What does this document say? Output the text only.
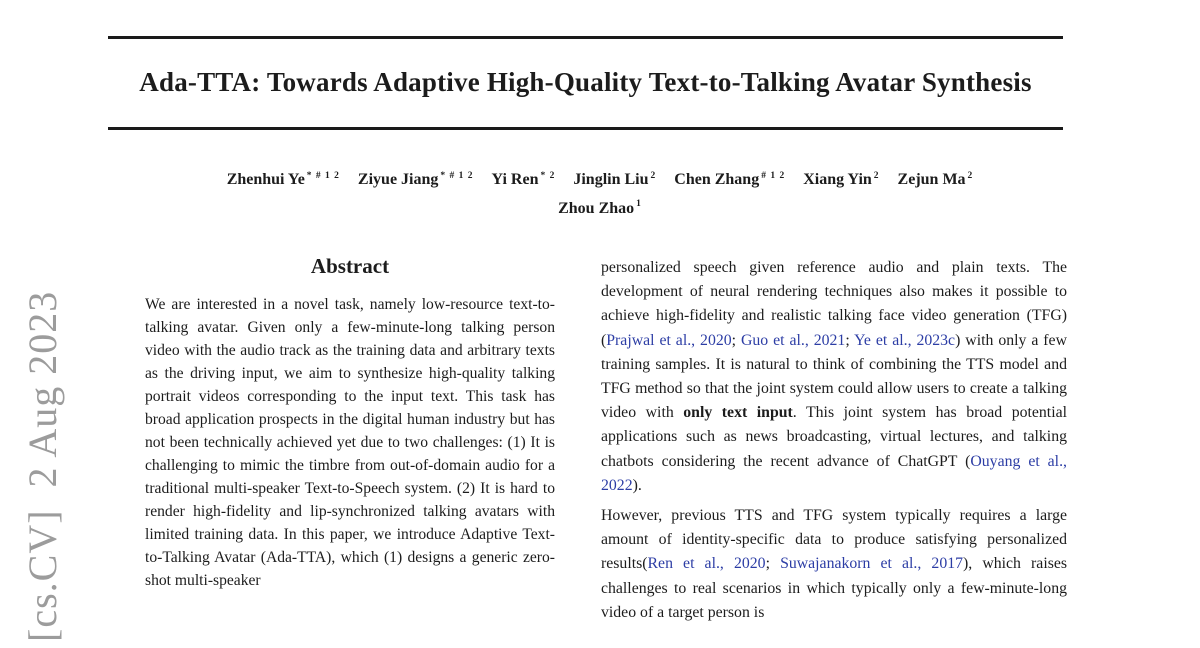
[cs.CV]  2 Aug 2023
Ada-TTA: Towards Adaptive High-Quality Text-to-Talking Avatar Synthesis
Zhenhui Ye $^{* \# 1 2}$ Ziyue Jiang $^{* \# 1 2}$ Yi Ren $^{* 2}$ Jinglin Liu $^2$ Chen Zhang $^{\# 1 2}$ Xiang Yin $^2$ Zejun Ma $^2$
Zhou Zhao $^1$
Abstract

We are interested in a novel task, namely low-resource text-to-talking avatar. Given only a few-minute-long talking person video with the audio track as the training data and arbitrary texts as the driving input, we aim to synthesize high-quality talking portrait videos corresponding to the input text. This task has broad application prospects in the digital human industry but has not been technically achieved yet due to two challenges: (1) It is challenging to mimic the timbre from out-of-domain audio for a traditional multi-speaker Text-to-Speech system. (2) It is hard to render high-fidelity and lip-synchronized talking avatars with limited training data. In this paper, we introduce Adaptive Text-to-Talking Avatar (Ada-TTA), which (1) designs a generic zero-shot multi-speaker

personalized speech given reference audio and plain texts. The development of neural rendering techniques also makes it possible to achieve high-fidelity and realistic talking face video generation (TFG) (Prajwal et al., 2020; Guo et al., 2021; Ye et al., 2023c) with only a few training samples. It is natural to think of combining the TTS model and TFG method so that the joint system could allow users to create a talking video with only text input. This joint system has broad potential applications such as news broadcasting, virtual lectures, and talking chatbots considering the recent advance of ChatGPT (Ouyang et al., 2022).

However, previous TTS and TFG system typically requires a large amount of identity-specific data to produce satisfying personalized results(Ren et al., 2020; Suwajanakorn et al., 2017), which raises challenges to real scenarios in which typically only a few-minute-long video of a target person is
